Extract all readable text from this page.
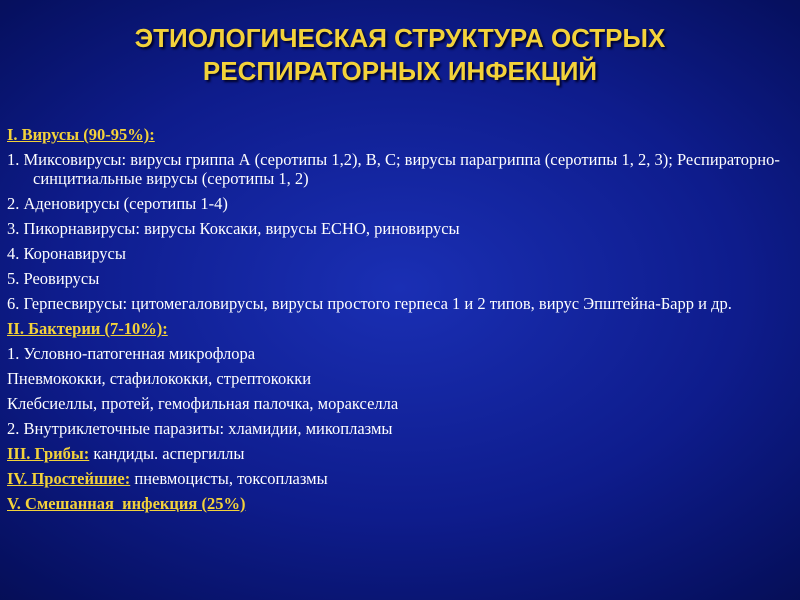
ЭТИОЛОГИЧЕСКАЯ СТРУКТУРА ОСТРЫХ
РЕСПИРАТОРНЫХ ИНФЕКЦИЙ
I. Вирусы (90-95%):
1. Миксовирусы: вирусы гриппа А (серотипы 1,2), В, С; вирусы парагриппа (серотипы 1, 2, 3); Респираторно-синцитиальные вирусы (серотипы 1, 2)
2. Аденовирусы (серотипы 1-4)
3. Пикорнавирусы: вирусы Коксаки, вирусы ЕСНО, риновирусы
4. Коронавирусы
5. Реовирусы
6. Герпесвирусы: цитомегаловирусы, вирусы простого герпеса 1 и 2 типов, вирус Эпштейна-Барр и др.
II. Бактерии (7-10%):
1. Условно-патогенная микрофлора
Пневмококки, стафилококки, стрептококки
Клебсиеллы, протей, гемофильная палочка, моракселла
2. Внутриклеточные паразиты: хламидии, микоплазмы
III. Грибы: кандиды. аспергиллы
IV. Простейшие: пневмоцисты, токсоплазмы
V. Смешанная  инфекция (25%)
